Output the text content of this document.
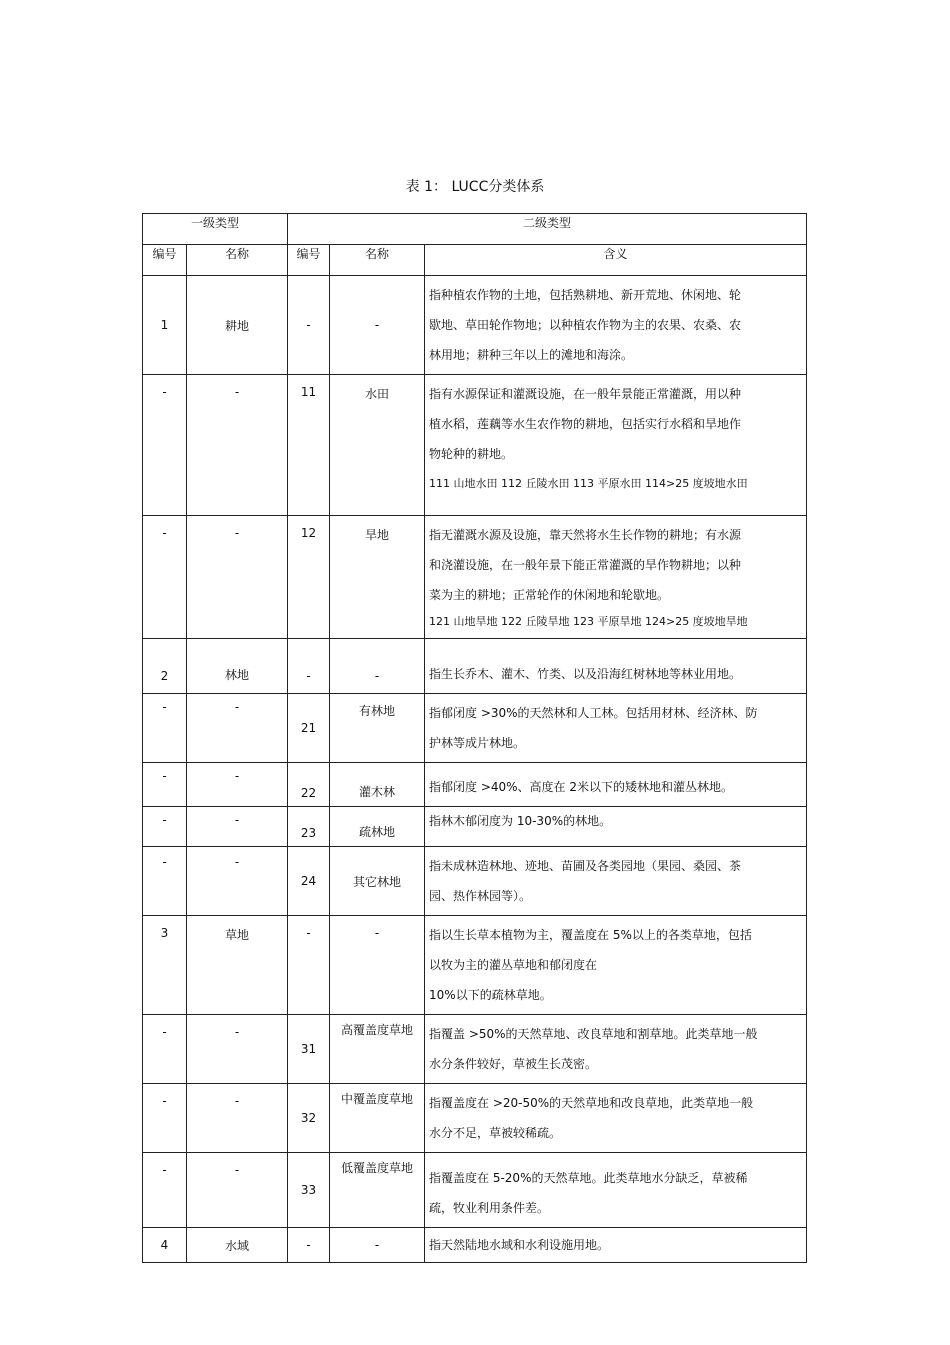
表 1： LUCC分类体系
一级类型		二级类型		
编号	名称	编号	名称	含义
1	耕地	-	-	指种植农作物的土地，包括熟耕地、新开荒地、休闲地、轮

歇地、草田轮作物地；以种植农作物为主的农果、农桑、农

林用地；耕种三年以上的滩地和海涂。

-	-	11	水田	指有水源保证和灌溉设施，在一般年景能正常灌溉，用以种

植水稻，莲藕等水生农作物的耕地，包括实行水稻和旱地作

物轮种的耕地。

111 山地水田 112 丘陵水田 113 平原水田 114>25 度坡地水田

-	-	12	旱地	指无灌溉水源及设施，靠天然将水生长作物的耕地；有水源

和浇灌设施，在一般年景下能正常灌溉的旱作物耕地；以种

菜为主的耕地；正常轮作的休闲地和轮歇地。

121 山地旱地 122 丘陵旱地 123 平原旱地 124>25 度坡地旱地

2	林地	-	-	指生长乔木、灌木、竹类、以及沿海红树林地等林业用地。

-	-	21	有林地	指郁闭度 >30%的天然林和人工林。包括用材林、经济林、防

护林等成片林地。

-	-	22	灌木林	指郁闭度 >40%、高度在 2米以下的矮林地和灌丛林地。

-	-	23	疏林地	指林木郁闭度为 10-30%的林地。

-	-	24	其它林地	指未成林造林地、迹地、苗圃及各类园地（果园、桑园、茶

园、热作林园等）。

3	草地	-	-	指以生长草本植物为主，覆盖度在 5%以上的各类草地，包括

以牧为主的灌丛草地和郁闭度在

10%以下的疏林草地。

-	-	31	高覆盖度草地	指覆盖 >50%的天然草地、改良草地和割草地。此类草地一般

水分条件较好，草被生长茂密。

-	-	32	中覆盖度草地	指覆盖度在 >20-50%的天然草地和改良草地，此类草地一般

水分不足，草被较稀疏。

-	-	33	低覆盖度草地	指覆盖度在 5-20%的天然草地。此类草地水分缺乏，草被稀

疏，牧业利用条件差。

4	水域	-	-	指天然陆地水域和水利设施用地。
